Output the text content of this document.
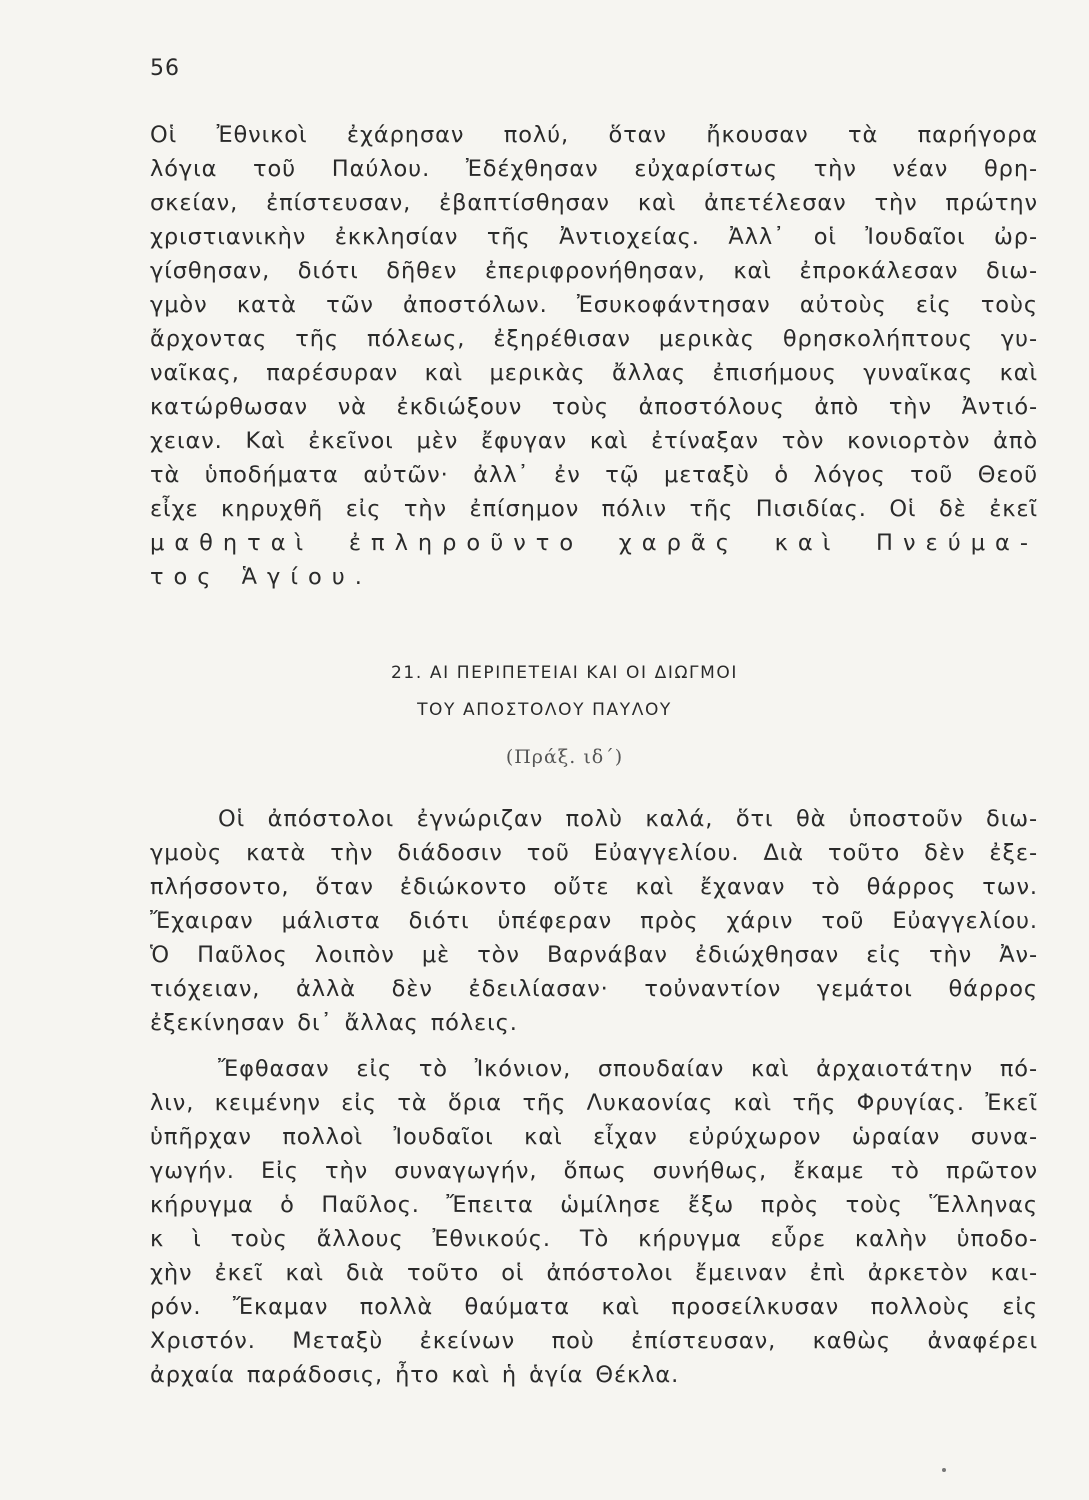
56
Οἱ Ἐθνικοὶ ἐχάρησαν πολύ, ὅταν ἤκουσαν τὰ παρήγορα
λόγια τοῦ Παύλου. Ἐδέχθησαν εὐχαρίστως τὴν νέαν θρη-
σκείαν, ἐπίστευσαν, ἐβαπτίσθησαν καὶ ἀπετέλεσαν τὴν πρώτην
χριστιανικὴν ἐκκλησίαν τῆς Ἀντιοχείας. Ἀλλ᾽ οἱ Ἰουδαῖοι ὠρ-
γίσθησαν, διότι δῆθεν ἐπεριφρονήθησαν, καὶ ἐπροκάλεσαν διω-
γμὸν κατὰ τῶν ἀποστόλων. Ἐσυκοφάντησαν αὐτοὺς εἰς τοὺς
ἄρχοντας τῆς πόλεως, ἐξηρέθισαν μερικὰς θρησκολήπτους γυ-
ναῖκας, παρέσυραν καὶ μερικὰς ἄλλας ἐπισήμους γυναῖκας καὶ
κατώρθωσαν νὰ ἐκδιώξουν τοὺς ἀποστόλους ἀπὸ τὴν Ἀντιό-
χειαν. Καὶ ἐκεῖνοι μὲν ἔφυγαν καὶ ἐτίναξαν τὸν κονιορτὸν ἀπὸ
τὰ ὑποδήματα αὐτῶν· ἀλλ᾽ ἐν τῷ μεταξὺ ὁ λόγος τοῦ Θεοῦ
εἶχε κηρυχθῆ εἰς τὴν ἐπίσημον πόλιν τῆς Πισιδίας. Οἱ δὲ ἐκεῖ
μαθηταὶ ἐπληροῦντο χαρᾶς καὶ Πνεύμα-
τος Ἁγίου.
21. ΑΙ ΠΕΡΙΠΕΤΕΙΑΙ ΚΑΙ ΟΙ ΔΙΩΓΜΟΙ
ΤΟΥ ΑΠΟΣΤΟΛΟΥ ΠΑΥΛΟΥ
(Πράξ. ιδ΄)
Οἱ ἀπόστολοι ἐγνώριζαν πολὺ καλά, ὅτι θὰ ὑποστοῦν διω-
γμοὺς κατὰ τὴν διάδοσιν τοῦ Εὐαγγελίου. Διὰ τοῦτο δὲν ἐξε-
πλήσσοντο, ὅταν ἐδιώκοντο οὔτε καὶ ἔχαναν τὸ θάρρος των.
Ἔχαιραν μάλιστα διότι ὑπέφεραν πρὸς χάριν τοῦ Εὐαγγελίου.
Ὁ Παῦλος λοιπὸν μὲ τὸν Βαρνάβαν ἐδιώχθησαν εἰς τὴν Ἀν-
τιόχειαν, ἀλλὰ δὲν ἐδειλίασαν· τοὐναντίον γεμάτοι θάρρος
ἐξεκίνησαν δι᾽ ἄλλας πόλεις.
Ἔφθασαν εἰς τὸ Ἰκόνιον, σπουδαίαν καὶ ἀρχαιοτάτην πό-
λιν, κειμένην εἰς τὰ ὅρια τῆς Λυκαονίας καὶ τῆς Φρυγίας. Ἐκεῖ
ὑπῆρχαν πολλοὶ Ἰουδαῖοι καὶ εἶχαν εὐρύχωρον ὡραίαν συνα-
γωγήν. Εἰς τὴν συναγωγήν, ὅπως συνήθως, ἔκαμε τὸ πρῶτον
κήρυγμα ὁ Παῦλος. Ἔπειτα ὡμίλησε ἔξω πρὸς τοὺς Ἕλληνας
κ ὶ τοὺς ἄλλους Ἐθνικούς. Τὸ κήρυγμα εὗρε καλὴν ὑποδο-
χὴν ἐκεῖ καὶ διὰ τοῦτο οἱ ἀπόστολοι ἔμειναν ἐπὶ ἀρκετὸν και-
ρόν. Ἔκαμαν πολλὰ θαύματα καὶ προσείλκυσαν πολλοὺς εἰς
Χριστόν. Μεταξὺ ἐκείνων ποὺ ἐπίστευσαν, καθὼς ἀναφέρει
ἀρχαία παράδοσις, ἦτο καὶ ἡ ἁγία Θέκλα.
